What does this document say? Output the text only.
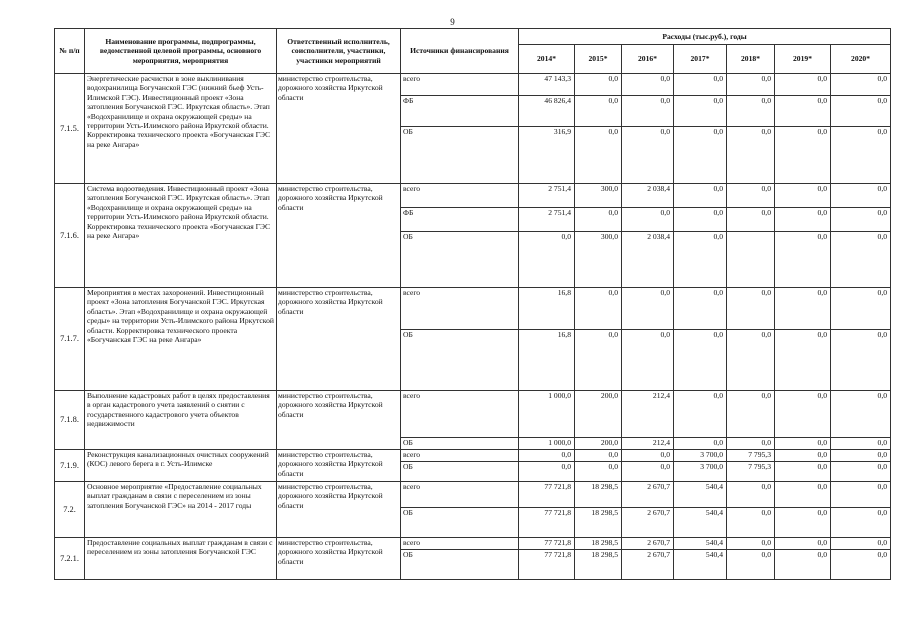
9
№ п/п	Наименование программы, подпрограммы, ведомственной целевой программы, основного мероприятия, мероприятия	Ответственный исполнитель, соисполнители, участники, участники мероприятий	Источники финансирования	Расходы (тыс.руб.), годы						
				2014*	2015*	2016*	2017*	2018*	2019*	2020*
7.1.5.	Энергетические расчистки в зоне выклинивания водохранилища Богучанской ГЭС (нижний бьеф Усть-Илимской ГЭС). Инвестиционный проект «Зона затопления Богучанской ГЭС. Иркутская область». Этап «Водохранилище и охрана окружающей среды» на территории Усть-Илимского района Иркутской области. Корректировка технического проекта «Богучанская ГЭС на реке Ангара»	министерство строительства, дорожного хозяйства Иркутской области	всего	47 143,3	0,0	0,0	0,0	0,0	0,0	0,0
			ФБ	46 826,4	0,0	0,0	0,0	0,0	0,0	0,0
			ОБ	316,9	0,0	0,0	0,0	0,0	0,0	0,0
7.1.6.	Система водоотведения. Инвестиционный проект «Зона затопления Богучанской ГЭС. Иркутская область». Этап «Водохранилище и охрана окружающей среды» на территории Усть-Илимского района Иркутской области. Корректировка технического проекта «Богучанская ГЭС на реке Ангара»	министерство строительства, дорожного хозяйства Иркутской области	всего	2 751,4	300,0	2 038,4	0,0	0,0	0,0	0,0
			ФБ	2 751,4	0,0	0,0	0,0	0,0	0,0	0,0
			ОБ	0,0	300,0	2 038,4	0,0		0,0	0,0
7.1.7.	Мероприятия в местах захоронений. Инвестиционный проект «Зона затопления Богучанской ГЭС. Иркутская область». Этап «Водохранилище и охрана окружающей среды» на территории Усть-Илимского района Иркутской области. Корректировка технического проекта «Богучанская ГЭС на реке Ангара»	министерство строительства, дорожного хозяйства Иркутской области	всего	16,8	0,0	0,0	0,0	0,0	0,0	0,0
			ОБ	16,8	0,0	0,0	0,0	0,0	0,0	0,0
7.1.8.	Выполнение кадастровых работ в целях предоставления в орган кадастрового учета заявлений о снятии с государственного кадастрового учета объектов недвижимости	министерство строительства, дорожного хозяйства Иркутской области	всего	1 000,0	200,0	212,4	0,0	0,0	0,0	0,0
			ОБ	1 000,0	200,0	212,4	0,0	0,0	0,0	0,0
7.1.9.	Реконструкция канализационных очистных сооружений (КОС) левого берега в г. Усть-Илимске	министерство строительства, дорожного хозяйства Иркутской области	всего	0,0	0,0	0,0	3 700,0	7 795,3	0,0	0,0
			ОБ	0,0	0,0	0,0	3 700,0	7 795,3	0,0	0,0
7.2.	Основное мероприятие «Предоставление социальных выплат гражданам в связи с переселением из зоны затопления Богучанской ГЭС» на 2014 - 2017 годы	министерство строительства, дорожного хозяйства Иркутской области	всего	77 721,8	18 298,5	2 670,7	540,4	0,0	0,0	0,0
			ОБ	77 721,8	18 298,5	2 670,7	540,4	0,0	0,0	0,0
7.2.1.	Предоставление социальных выплат гражданам в связи с переселением из зоны затопления Богучанской ГЭС	министерство строительства, дорожного хозяйства Иркутской области	всего	77 721,8	18 298,5	2 670,7	540,4	0,0	0,0	0,0
			ОБ	77 721,8	18 298,5	2 670,7	540,4	0,0	0,0	0,0
